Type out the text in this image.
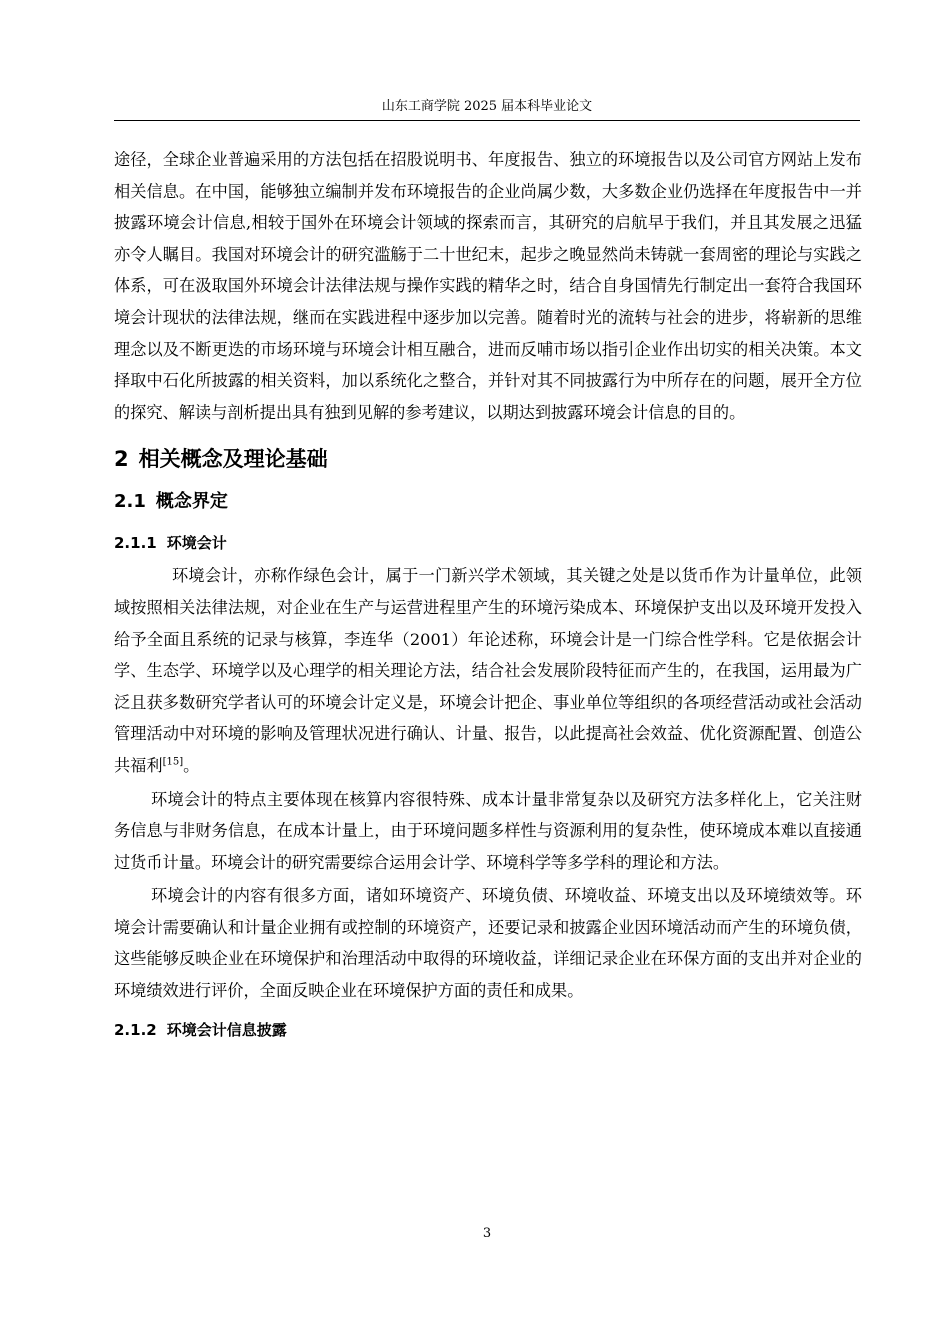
山东工商学院 2025 届本科毕业论文

途径，全球企业普遍采用的方法包括在招股说明书、年度报告、独立的环境报告以及公司官方网站上发布相关信息。在中国，能够独立编制并发布环境报告的企业尚属少数，大多数企业仍选择在年度报告中一并披露环境会计信息,相较于国外在环境会计领域的探索而言，其研究的启航早于我们，并且其发展之迅猛亦令人瞩目。我国对环境会计的研究滥觞于二十世纪末，起步之晚显然尚未铸就一套周密的理论与实践之体系，可在汲取国外环境会计法律法规与操作实践的精华之时，结合自身国情先行制定出一套符合我国环境会计现状的法律法规，继而在实践进程中逐步加以完善。随着时光的流转与社会的进步，将崭新的思维理念以及不断更迭的市场环境与环境会计相互融合，进而反哺市场以指引企业作出切实的相关决策。本文择取中石化所披露的相关资料，加以系统化之整合，并针对其不同披露行为中所存在的问题，展开全方位的探究、解读与剖析提出具有独到见解的参考建议，以期达到披露环境会计信息的目的。

2 相关概念及理论基础
2.1 概念界定
2.1.1 环境会计

环境会计，亦称作绿色会计，属于一门新兴学术领域，其关键之处是以货币作为计量单位，此领域按照相关法律法规，对企业在生产与运营进程里产生的环境污染成本、环境保护支出以及环境开发投入给予全面且系统的记录与核算，李连华（2001）年论述称，环境会计是一门综合性学科。它是依据会计学、生态学、环境学以及心理学的相关理论方法，结合社会发展阶段特征而产生的，在我国，运用最为广泛且获多数研究学者认可的环境会计定义是，环境会计把企、事业单位等组织的各项经营活动或社会活动管理活动中对环境的影响及管理状况进行确认、计量、报告，以此提高社会效益、优化资源配置、创造公共福利[15]。

环境会计的特点主要体现在核算内容很特殊、成本计量非常复杂以及研究方法多样化上，它关注财务信息与非财务信息，在成本计量上，由于环境问题多样性与资源利用的复杂性，使环境成本难以直接通过货币计量。环境会计的研究需要综合运用会计学、环境科学等多学科的理论和方法。

环境会计的内容有很多方面，诸如环境资产、环境负债、环境收益、环境支出以及环境绩效等。环境会计需要确认和计量企业拥有或控制的环境资产，还要记录和披露企业因环境活动而产生的环境负债，这些能够反映企业在环境保护和治理活动中取得的环境收益，详细记录企业在环保方面的支出并对企业的环境绩效进行评价，全面反映企业在环境保护方面的责任和成果。

2.1.2 环境会计信息披露
3
